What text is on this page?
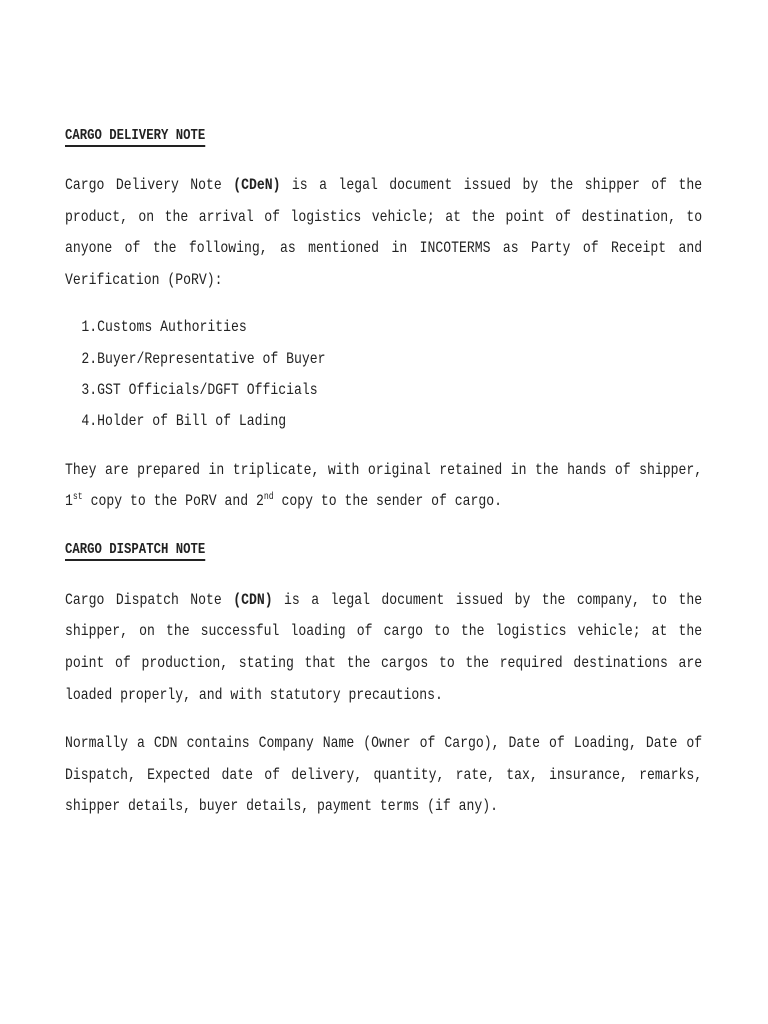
CARGO DELIVERY NOTE

Cargo Delivery Note (CDeN) is a legal document issued by the shipper of the product, on the arrival of logistics vehicle; at the point of destination, to anyone of the following, as mentioned in INCOTERMS as Party of Receipt and Verification (PoRV):

1.Customs Authorities
2.Buyer/Representative of Buyer
3.GST Officials/DGFT Officials
4.Holder of Bill of Lading

They are prepared in triplicate, with original retained in the hands of shipper, 1st copy to the PoRV and 2nd copy to the sender of cargo.

CARGO DISPATCH NOTE

Cargo Dispatch Note (CDN) is a legal document issued by the company, to the shipper, on the successful loading of cargo to the logistics vehicle; at the point of production, stating that the cargos to the required destinations are loaded properly, and with statutory precautions.

Normally a CDN contains Company Name (Owner of Cargo), Date of Loading, Date of Dispatch, Expected date of delivery, quantity, rate, tax, insurance, remarks, shipper details, buyer details, payment terms (if any).
